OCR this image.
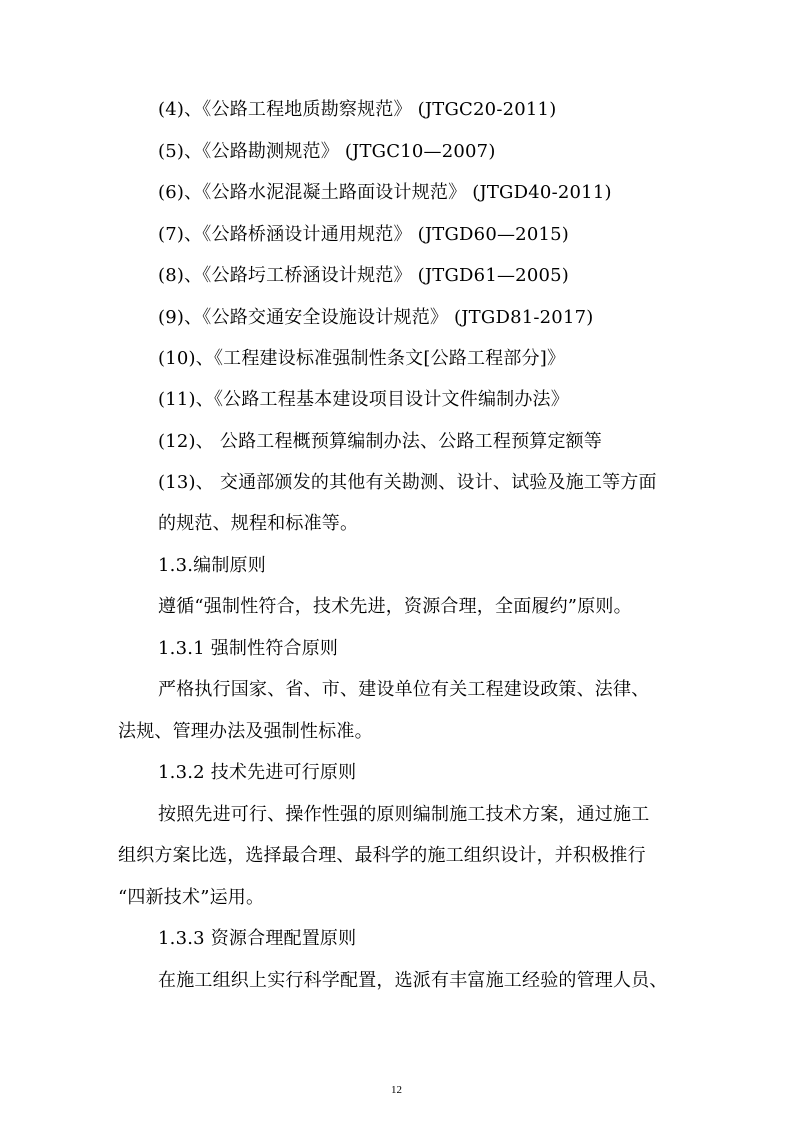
(4)、《公路工程地质勘察规范》 (JTGC20-2011)
(5)、《公路勘测规范》 (JTGC10—2007)
(6)、《公路水泥混凝土路面设计规范》 (JTGD40-2011)
(7)、《公路桥涵设计通用规范》 (JTGD60—2015)
(8)、《公路圬工桥涵设计规范》 (JTGD61—2005)
(9)、《公路交通安全设施设计规范》 (JTGD81-2017)
(10)、《工程建设标准强制性条文[公路工程部分]》
(11)、《公路工程基本建设项目设计文件编制办法》
(12)、 公路工程概预算编制办法、公路工程预算定额等
(13)、 交通部颁发的其他有关勘测、设计、试验及施工等方面
的规范、规程和标准等。
1.3.编制原则
遵循“强制性符合，技术先进，资源合理，全面履约”原则。
1.3.1 强制性符合原则
严格执行国家、省、市、建设单位有关工程建设政策、法律、
法规、管理办法及强制性标准。
1.3.2 技术先进可行原则
按照先进可行、操作性强的原则编制施工技术方案，通过施工
组织方案比选，选择最合理、最科学的施工组织设计，并积极推行
“四新技术”运用。
1.3.3 资源合理配置原则
在施工组织上实行科学配置，选派有丰富施工经验的管理人员、
12
